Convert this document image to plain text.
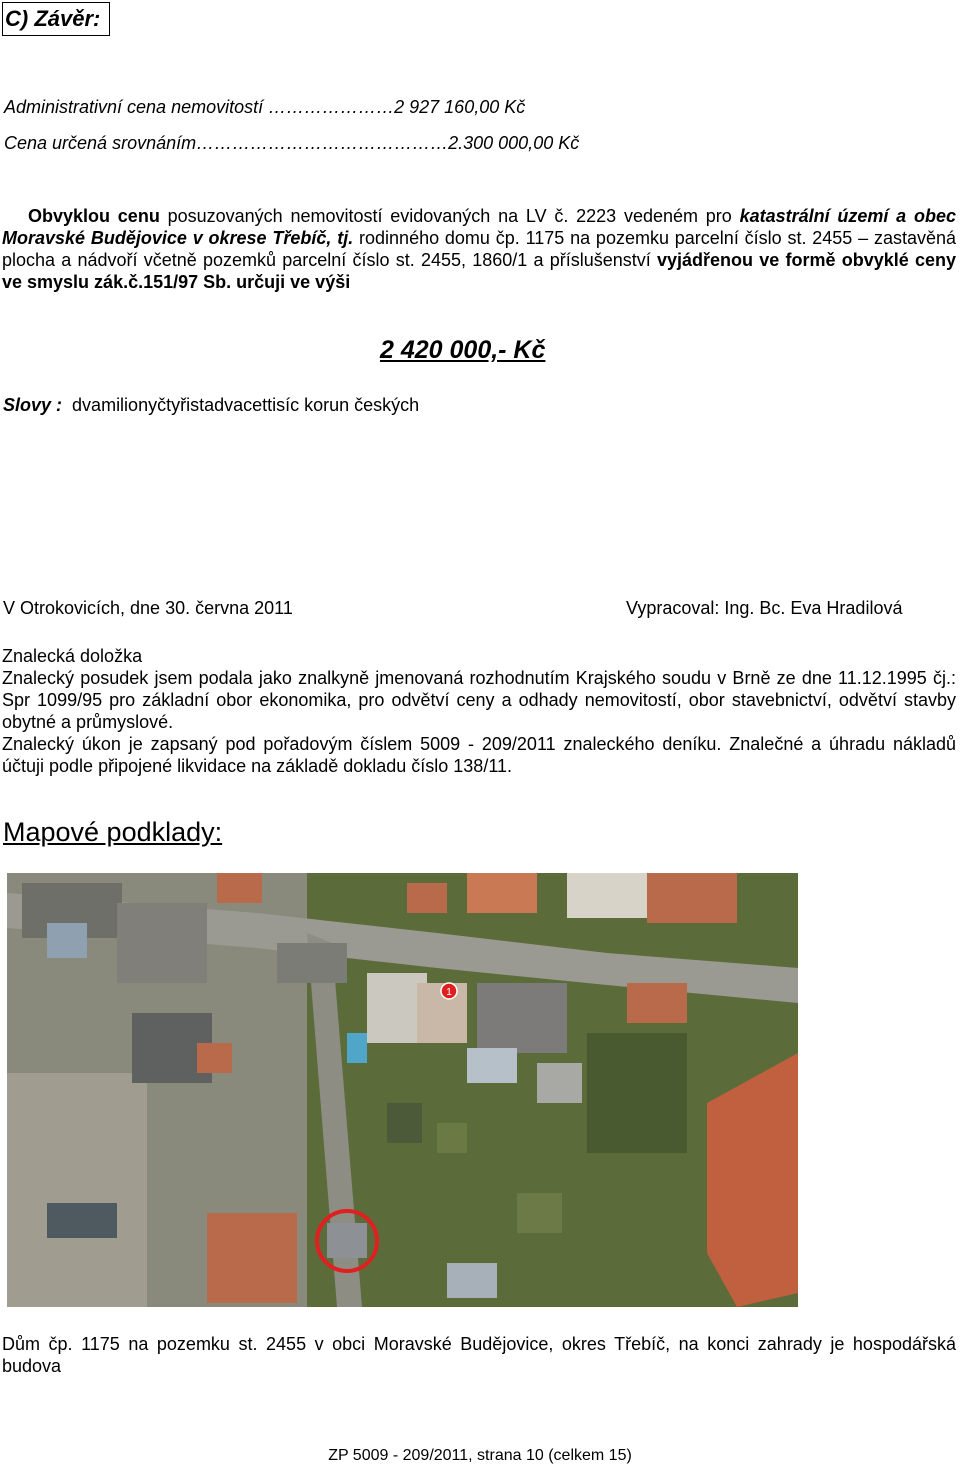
C) Závěr:
Administrativní cena nemovitostí …………………2 927 160,00 Kč
Cena určená srovnáním……………………………………2.300 000,00 Kč
Obvyklou cenu posuzovaných nemovitostí evidovaných na LV č. 2223 vedeném pro katastrální území a obec Moravské Budějovice v okrese Třebíč, tj. rodinného domu čp. 1175 na pozemku parcelní číslo st. 2455 – zastavěná plocha a nádvoří včetně pozemků parcelní číslo st. 2455, 1860/1 a příslušenství vyjádřenou ve formě obvyklé ceny ve smyslu zák.č.151/97 Sb. určuji ve výši
2 420 000,- Kč
Slovy : dvamilionyčtyřistadvacettisíc korun českých
V Otrokovicích, dne 30. června 2011	Vypracoval: Ing. Bc. Eva Hradilová

Znalecká doložka

Znalecký posudek jsem podala jako znalkyně jmenovaná rozhodnutím Krajského soudu v Brně ze dne 11.12.1995 čj.: Spr 1099/95 pro základní obor ekonomika, pro odvětví ceny a odhady nemovitostí, obor stavebnictví, odvětví stavby obytné a průmyslové.

Znalecký úkon je zapsaný pod pořadovým číslem 5009 - 209/2011 znaleckého deníku. Znalečné a úhradu nákladů účtuji podle připojené likvidace na základě dokladu číslo 138/11.

Mapové podklady:
1
Dům čp. 1175 na pozemku st. 2455 v obci Moravské Budějovice, okres Třebíč, na konci zahrady je hospodářská budova
ZP 5009 - 209/2011, strana 10 (celkem 15)
